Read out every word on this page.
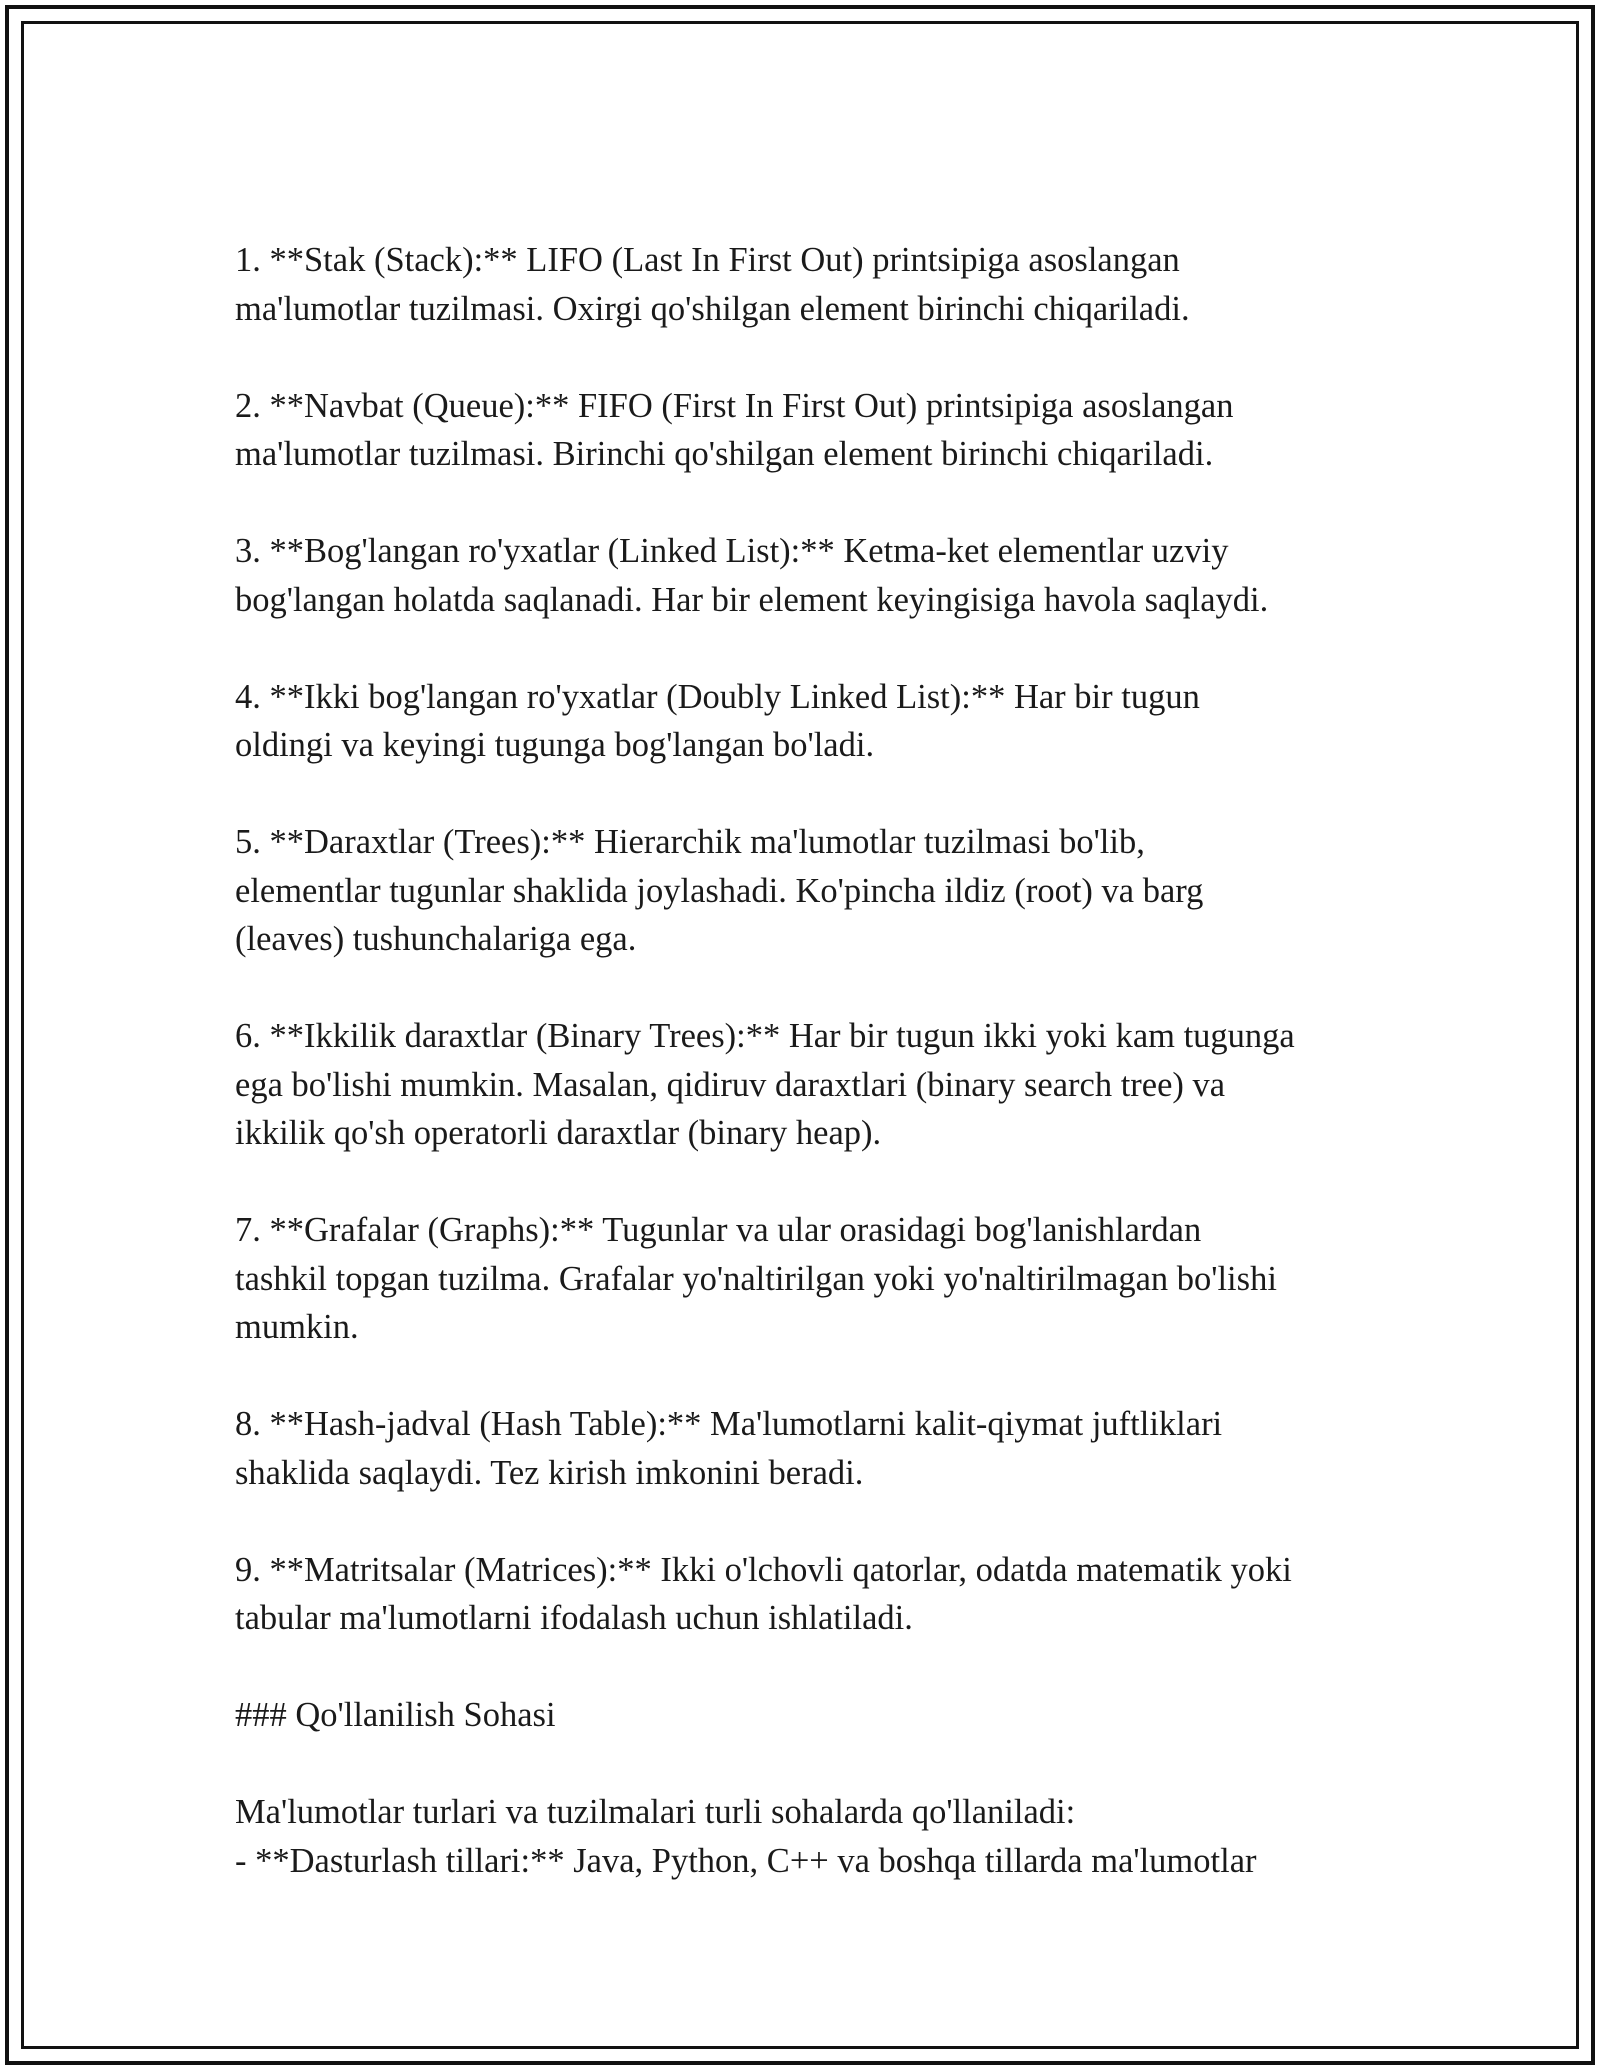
1. **Stak (Stack):** LIFO (Last In First Out) printsipiga asoslangan
ma'lumotlar tuzilmasi. Oxirgi qo'shilgan element birinchi chiqariladi.

2. **Navbat (Queue):** FIFO (First In First Out) printsipiga asoslangan
ma'lumotlar tuzilmasi. Birinchi qo'shilgan element birinchi chiqariladi.

3. **Bog'langan ro'yxatlar (Linked List):** Ketma-ket elementlar uzviy
bog'langan holatda saqlanadi. Har bir element keyingisiga havola saqlaydi.

4. **Ikki bog'langan ro'yxatlar (Doubly Linked List):** Har bir tugun
oldingi va keyingi tugunga bog'langan bo'ladi.

5. **Daraxtlar (Trees):** Hierarchik ma'lumotlar tuzilmasi bo'lib,
elementlar tugunlar shaklida joylashadi. Ko'pincha ildiz (root) va barg
(leaves) tushunchalariga ega.

6. **Ikkilik daraxtlar (Binary Trees):** Har bir tugun ikki yoki kam tugunga
ega bo'lishi mumkin. Masalan, qidiruv daraxtlari (binary search tree) va
ikkilik qo'sh operatorli daraxtlar (binary heap).

7. **Grafalar (Graphs):** Tugunlar va ular orasidagi bog'lanishlardan
tashkil topgan tuzilma. Grafalar yo'naltirilgan yoki yo'naltirilmagan bo'lishi
mumkin.

8. **Hash-jadval (Hash Table):** Ma'lumotlarni kalit-qiymat juftliklari
shaklida saqlaydi. Tez kirish imkonini beradi.

9. **Matritsalar (Matrices):** Ikki o'lchovli qatorlar, odatda matematik yoki
tabular ma'lumotlarni ifodalash uchun ishlatiladi.

### Qo'llanilish Sohasi

Ma'lumotlar turlari va tuzilmalari turli sohalarda qo'llaniladi:

- **Dasturlash tillari:** Java, Python, C++ va boshqa tillarda ma'lumotlar
